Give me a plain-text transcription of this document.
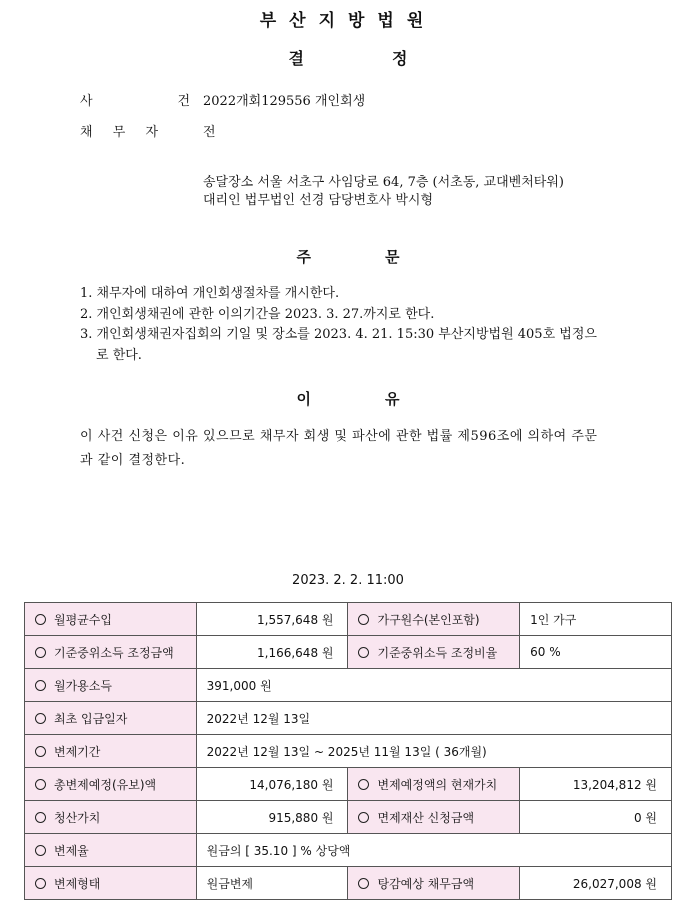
부산지방법원
결	정
사	건 2022개회129556 개인회생
채 무 자	전
송달장소 서울 서초구 사임당로 64, 7층 (서초동, 교대벤처타워)
대리인 법무법인 선경 담당변호사 박시형
주	문
1. 채무자에 대하여 개인회생절차를 개시한다.
2. 개인회생채권에 관한 이의기간을 2023. 3. 27.까지로 한다.
3. 개인회생채권자집회의 기일 및 장소를 2023. 4. 21. 15:30 부산지방법원 405호 법정으로 한다.
이	유
이 사건 신청은 이유 있으므로 채무자 회생 및 파산에 관한 법률 제596조에 의하여 주문과 같이 결정한다.
2023. 2. 2. 11:00
월평균수입	1,557,648 원	가구원수(본인포함)	1인 가구
기준중위소득 조정금액	1,166,648 원	기준중위소득 조정비율	60 %
월가용소득	391,000 원		
최초 입금일자	2022년 12월 13일		
변제기간	2022년 12월 13일 ~ 2025년 11월 13일 ( 36개월)		
총변제예정(유보)액	14,076,180 원	변제예정액의 현재가치	13,204,812 원
청산가치	915,880 원	면제재산 신청금액	0 원
변제율	원금의 [ 35.10 ] % 상당액		
변제형태	원금변제	탕감예상 채무금액	26,027,008 원
